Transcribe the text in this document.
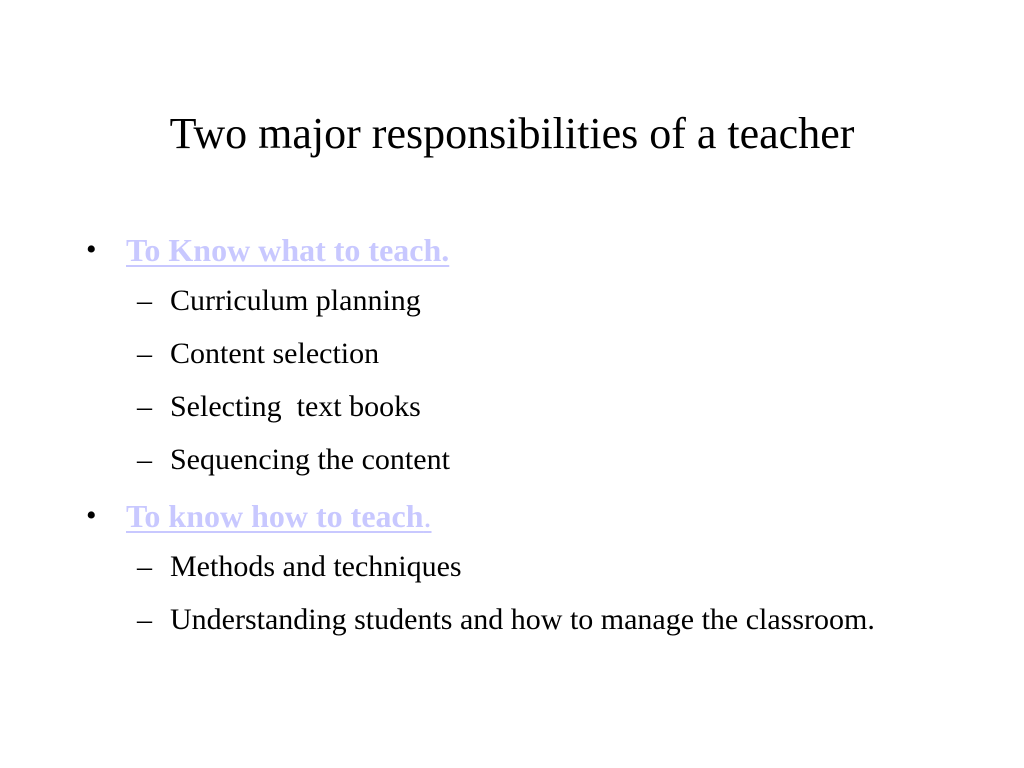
Two major responsibilities of a teacher
• To Know what to teach.
– Curriculum planning
– Content selection
– Selecting  text books
– Sequencing the content
• To know how to teach.
– Methods and techniques
– Understanding students and how to manage the classroom.
